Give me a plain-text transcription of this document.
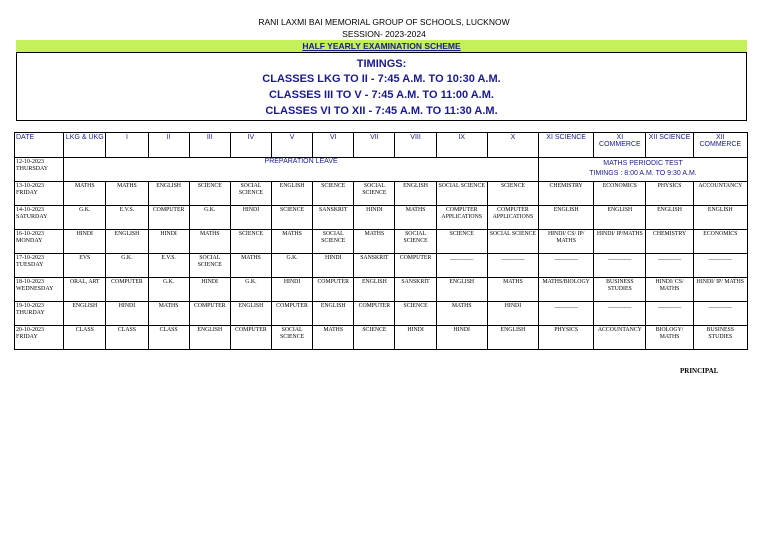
RANI LAXMI BAI MEMORIAL GROUP OF SCHOOLS, LUCKNOW
SESSION- 2023-2024
HALF YEARLY EXAMINATION SCHEME
TIMINGS:
CLASSES LKG TO II - 7:45 A.M. TO 10:30 A.M.
CLASSES III TO V - 7:45 A.M. TO 11:00 A.M.
CLASSES VI TO XII - 7:45 A.M. TO 11:30 A.M.
DATE	LKG & UKG	I	II	III	IV	V	VI	VII	VIII	IX	X	XI SCIENCE	XI COMMERCE	XII SCIENCE	XII COMMERCE
12-10-2023 THURSDAY	PREPARATION LEAVE											MATHS PERIODIC TEST
TIMINGS : 8:00 A.M. TO 9:30 A.M.			

13-10-2023 FRIDAY	MATHS	MATHS	ENGLISH	SCIENCE	SOCIAL SCIENCE	ENGLISH	SCIENCE	SOCIAL SCIENCE	ENGLISH	SOCIAL SCIENCE	SCIENCE	CHEMISTRY	ECONOMICS	PHYSICS	ACCOUNTANCY
14-10-2023 SATURDAY	G.K.	E.V.S.	COMPUTER	G.K.	HINDI	SCIENCE	SANSKRIT	HINDI	MATHS	COMPUTER APPLICATIONS	COMPUTER APPLICATIONS	ENGLISH	ENGLISH	ENGLISH	ENGLISH
16-10-2023 MONDAY	HINDI	ENGLISH	HINDI	MATHS	SCIENCE	MATHS	SOCIAL SCIENCE	MATHS	SOCIAL SCIENCE	SCIENCE	SOCIAL SCIENCE	HINDI/ CS/ IP/ MATHS	HINDI/ IP/MATHS	CHEMISTRY	ECONOMICS
17-10-2023 TUESDAY	EVS	G.K.	E.V.S.	SOCIAL SCIENCE	MATHS	G.K.	HINDI	SANSKRIT	COMPUTER	________	________	________	________	________	________
18-10-2023 WEDNESDAY	ORAL, ART	COMPUTER	G.K.	HINDI	G.K.	HINDI	COMPUTER	ENGLISH	SANSKRIT	ENGLISH	MATHS	MATHS/BIOLOGY	BUSINESS STUDIES	HINDI/ CS/ MATHS	HINDI/ IP/ MATHS
19-10-2023 THURDAY	ENGLISH	HINDI	MATHS	COMPUTER	ENGLISH	COMPUTER	ENGLISH	COMPUTER	SCIENCE	MATHS	HINDI	________	________	________	________
20-10-2023 FRIDAY	CLASS	CLASS	CLASS	ENGLISH	COMPUTER	SOCIAL SCIENCE	MATHS	SCIENCE	HINDI	HINDI	ENGLISH	PHYSICS	ACCOUNTANCY	BIOLOGY/ MATHS	BUSINESS STUDIES
PRINCIPAL
